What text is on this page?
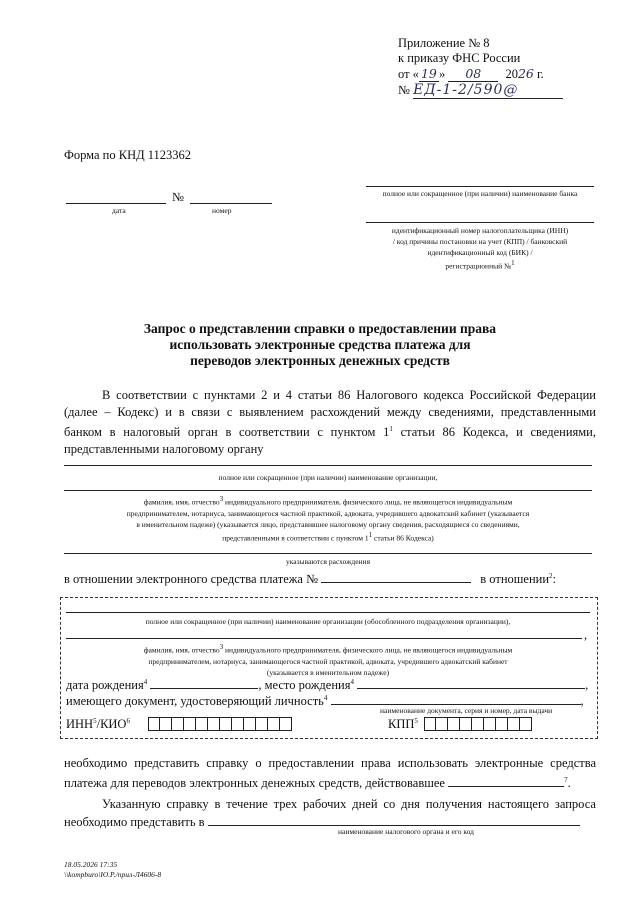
Приложение № 8
к приказу ФНС России
от « 19 » 08 2026 г.
№ ЕД-1-2/590@
Форма по КНД 1123362
№
дата	номер
полное или сокращенное (при наличии) наименование банка
идентификационный номер налогоплательщика (ИНН)
/ код причины постановки на учет (КПП) / банковский
идентификационный код (БИК) /
регистрационный №$^1$
Запрос о представлении справки о предоставлении права
использовать электронные средства платежа для
переводов электронных денежных средств
В соответствии с пунктами 2 и 4 статьи 86 Налогового кодекса Российской Федерации (далее – Кодекс) и в связи с выявлением расхождений между сведениями, представленными банком в налоговый орган в соответствии с пунктом $1^1$ статьи 86 Кодекса, и сведениями, представленными налоговому органу
полное или сокращенное (при наличии) наименование организации,
фамилия, имя, отчество$^3$ индивидуального предпринимателя, физического лица, не являющегося индивидуальным
предпринимателем, нотариуса, занимающегося частной практикой, адвоката, учредившего адвокатский кабинет (указывается
в именительном падеже) (указывается лицо, представившее налоговому органу сведения, расходящиеся со сведениями,
представленными в соответствии с пунктом $1^1$ статьи 86 Кодекса)
указываются расхождения
в отношении электронного средства платежа №	в отношении$^2$:
полное или сокращенное (при наличии) наименование организации (обособленного подразделения организации),
,
фамилия, имя, отчество$^3$ индивидуального предпринимателя, физического лица, не являющегося индивидуальным
предпринимателем, нотариуса, занимающегося частной практикой, адвоката, учредившего адвокатский кабинет
(указывается в именительном падеже)
дата рождения$^4$	, место рождения$^4$	,
имеющего документ, удостоверяющий личность$^4$	,
наименование документа, серия и номер, дата выдачи
ИНН$^5$/КИО$^6$	КПП$^5$
необходимо представить справку о предоставлении права использовать электронные средства платежа для переводов электронных денежных средств, действовавшее	$^7$.
Указанную справку в течение трех рабочих дней со дня получения настоящего запроса необходимо представить в
наименование налогового органа и его код
18.05.2026 17:35
\\kompburo\Ю.Р./прил-Л4606-8
